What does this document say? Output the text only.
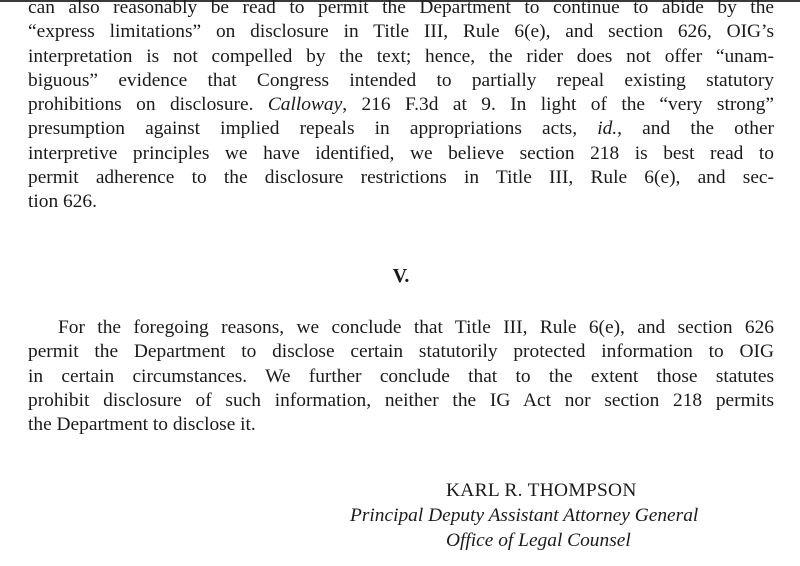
can also reasonably be read to permit the Department to continue to abide by the
“express limitations” on disclosure in Title III, Rule 6(e), and section 626, OIG’s
interpretation is not compelled by the text; hence, the rider does not offer “unam-
biguous” evidence that Congress intended to partially repeal existing statutory
prohibitions on disclosure. Calloway, 216 F.3d at 9. In light of the “very strong”
presumption against implied repeals in appropriations acts, id., and the other
interpretive principles we have identified, we believe section 218 is best read to
permit adherence to the disclosure restrictions in Title III, Rule 6(e), and sec-
tion 626.
V.
For the foregoing reasons, we conclude that Title III, Rule 6(e), and section 626
permit the Department to disclose certain statutorily protected information to OIG
in certain circumstances. We further conclude that to the extent those statutes
prohibit disclosure of such information, neither the IG Act nor section 218 permits
the Department to disclose it.
KARL R. THOMPSON
Principal Deputy Assistant Attorney General
Office of Legal Counsel
